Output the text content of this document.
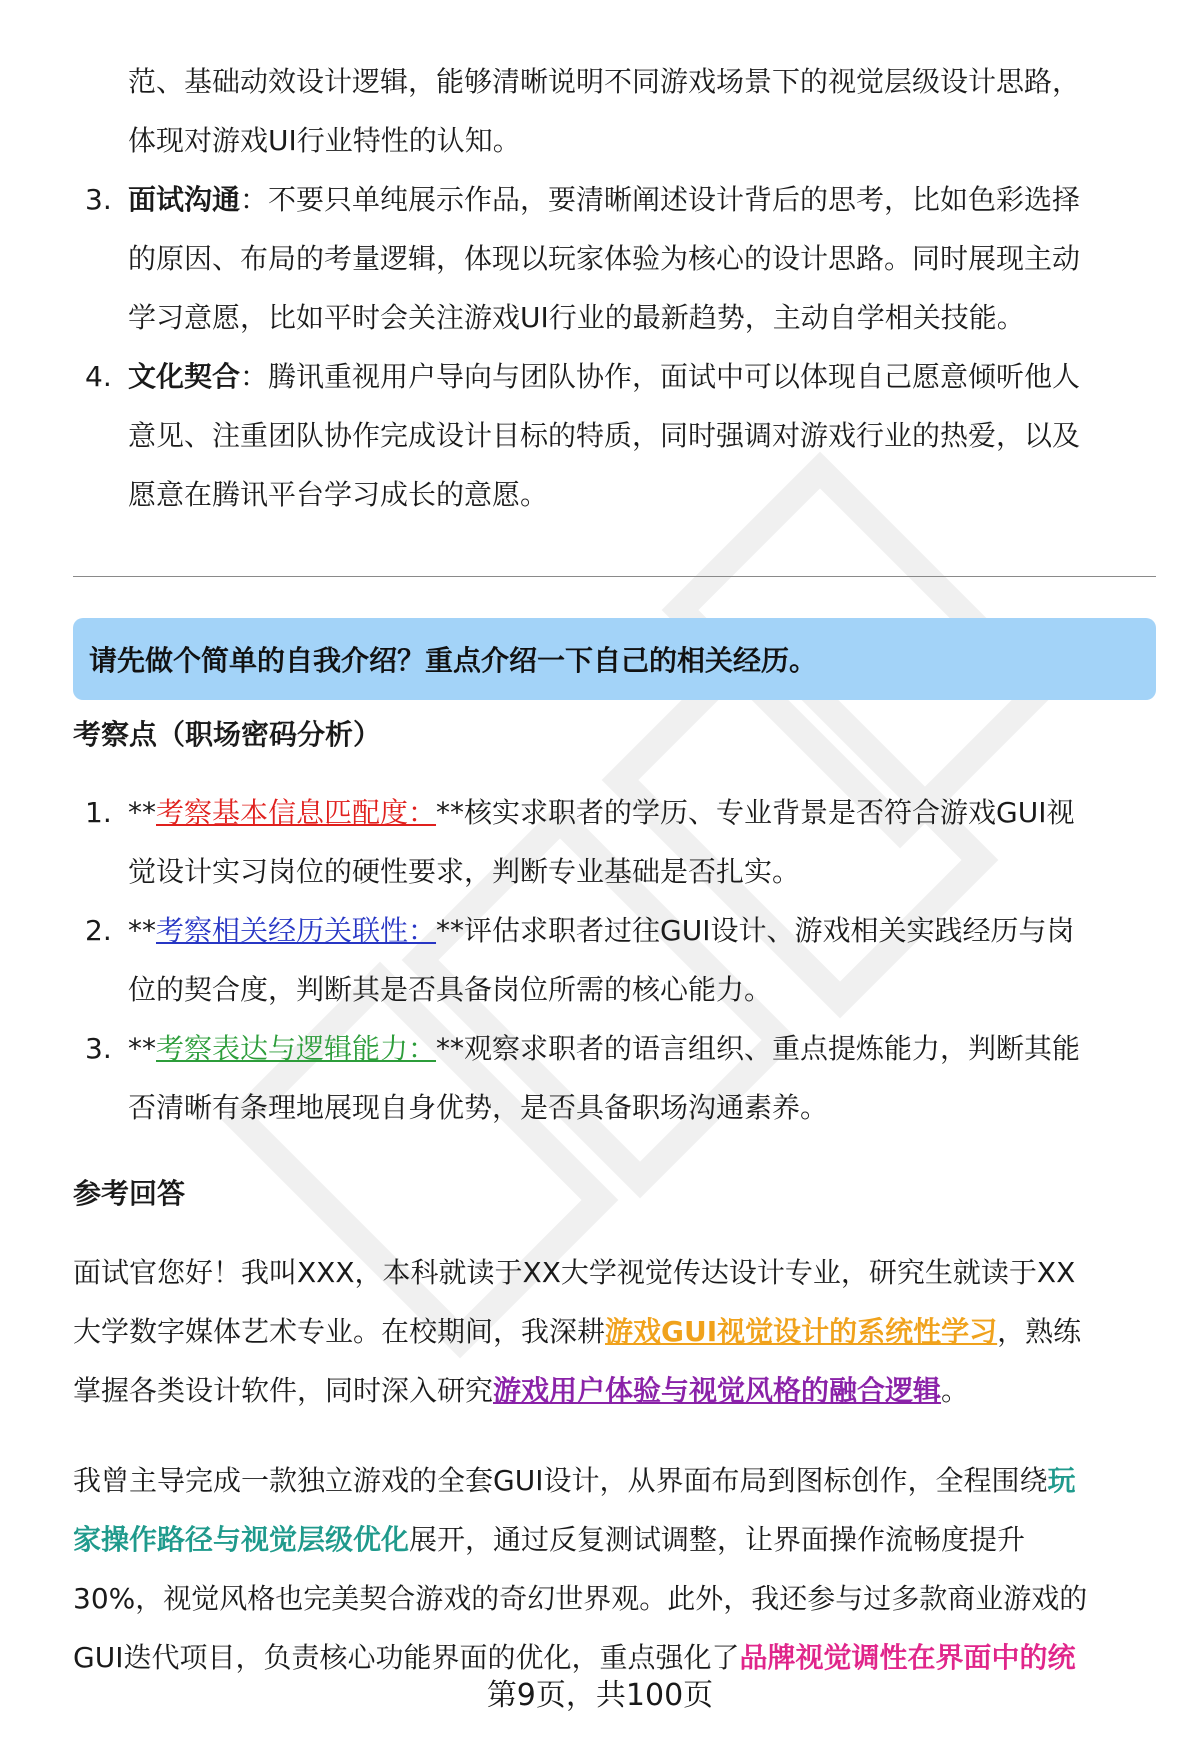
范、基础动效设计逻辑，能够清晰说明不同游戏场景下的视觉层级设计思路，
体现对游戏UI行业特性的认知。
3. 面试沟通：不要只单纯展示作品，要清晰阐述设计背后的思考，比如色彩选择
的原因、布局的考量逻辑，体现以玩家体验为核心的设计思路。同时展现主动
学习意愿，比如平时会关注游戏UI行业的最新趋势，主动自学相关技能。
4. 文化契合：腾讯重视用户导向与团队协作，面试中可以体现自己愿意倾听他人
意见、注重团队协作完成设计目标的特质，同时强调对游戏行业的热爱，以及
愿意在腾讯平台学习成长的意愿。
请先做个简单的自我介绍？重点介绍一下自己的相关经历。
考察点（职场密码分析）
1. **考察基本信息匹配度：**核实求职者的学历、专业背景是否符合游戏GUI视
觉设计实习岗位的硬性要求，判断专业基础是否扎实。
2. **考察相关经历关联性：**评估求职者过往GUI设计、游戏相关实践经历与岗
位的契合度，判断其是否具备岗位所需的核心能力。
3. **考察表达与逻辑能力：**观察求职者的语言组织、重点提炼能力，判断其能
否清晰有条理地展现自身优势，是否具备职场沟通素养。
参考回答
面试官您好！我叫XXX，本科就读于XX大学视觉传达设计专业，研究生就读于XX
大学数字媒体艺术专业。在校期间，我深耕游戏GUI视觉设计的系统性学习，熟练
掌握各类设计软件，同时深入研究游戏用户体验与视觉风格的融合逻辑。
我曾主导完成一款独立游戏的全套GUI设计，从界面布局到图标创作，全程围绕玩
家操作路径与视觉层级优化展开，通过反复测试调整，让界面操作流畅度提升
30%，视觉风格也完美契合游戏的奇幻世界观。此外，我还参与过多款商业游戏的
GUI迭代项目，负责核心功能界面的优化，重点强化了品牌视觉调性在界面中的统
第9页，共100页
